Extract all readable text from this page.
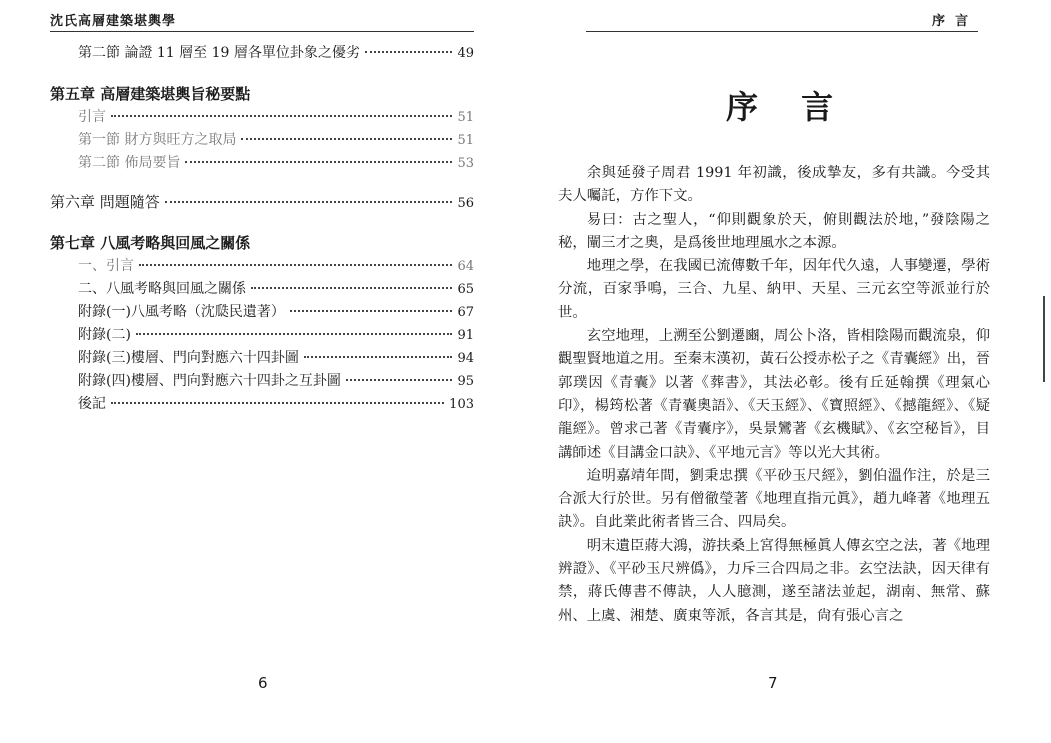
沈氏高層建築堪輿學
第二節 論證 11 層至 19 層各單位卦象之優劣	49
第五章 高層建築堪輿旨秘要點
引言	51
第一節 財方與旺方之取局	51
第二節 佈局要旨	53
第六章 問題隨答	56
第七章 八風考略與回風之關係
一、引言	64
二、八風考略與回風之關係	65
附錄(一)八風考略（沈瓞民遺著）	67
附錄(二)	91
附錄(三)樓層、門向對應六十四卦圖	94
附錄(四)樓層、門向對應六十四卦之互卦圖	95
後記	103
6
序言
序 言

余與延發子周君 1991 年初識，後成摯友，多有共識。今受其夫人囑託，方作下文。

易曰：古之聖人，“仰則觀象於天，俯則觀法於地，”發陰陽之秘，闡三才之奧，是爲後世地理風水之本源。

地理之學，在我國已流傳數千年，因年代久遠，人事變遷，學術分流，百家爭鳴，三合、九星、納甲、天星、三元玄空等派並行於世。

玄空地理，上溯至公劉遷豳，周公卜洛，皆相陰陽而觀流泉，仰觀聖賢地道之用。至秦末漢初，黃石公授赤松子之《青囊經》出，晉郭璞因《青囊》以著《葬書》，其法必彰。後有丘延翰撰《理氣心印》，楊筠松著《青囊奧語》、《天玉經》、《寶照經》、《撼龍經》、《疑龍經》。曾求己著《青囊序》，吳景鸞著《玄機賦》、《玄空秘旨》，目講師述《目講金口訣》、《平地元言》等以光大其術。

迨明嘉靖年間，劉秉忠撰《平砂玉尺經》，劉伯溫作注，於是三合派大行於世。另有僧徹瑩著《地理直指元眞》，趙九峰著《地理五訣》。自此業此術者皆三合、四局矣。

明末遺臣蔣大鴻，游扶桑上宮得無極眞人傳玄空之法，著《地理辨證》、《平砂玉尺辨僞》，力斥三合四局之非。玄空法訣，因天律有禁，蔣氏傳書不傳訣，人人臆測，遂至諸法並起，湖南、無常、蘇州、上虞、湘楚、廣東等派，各言其是，尙有張心言之

7
